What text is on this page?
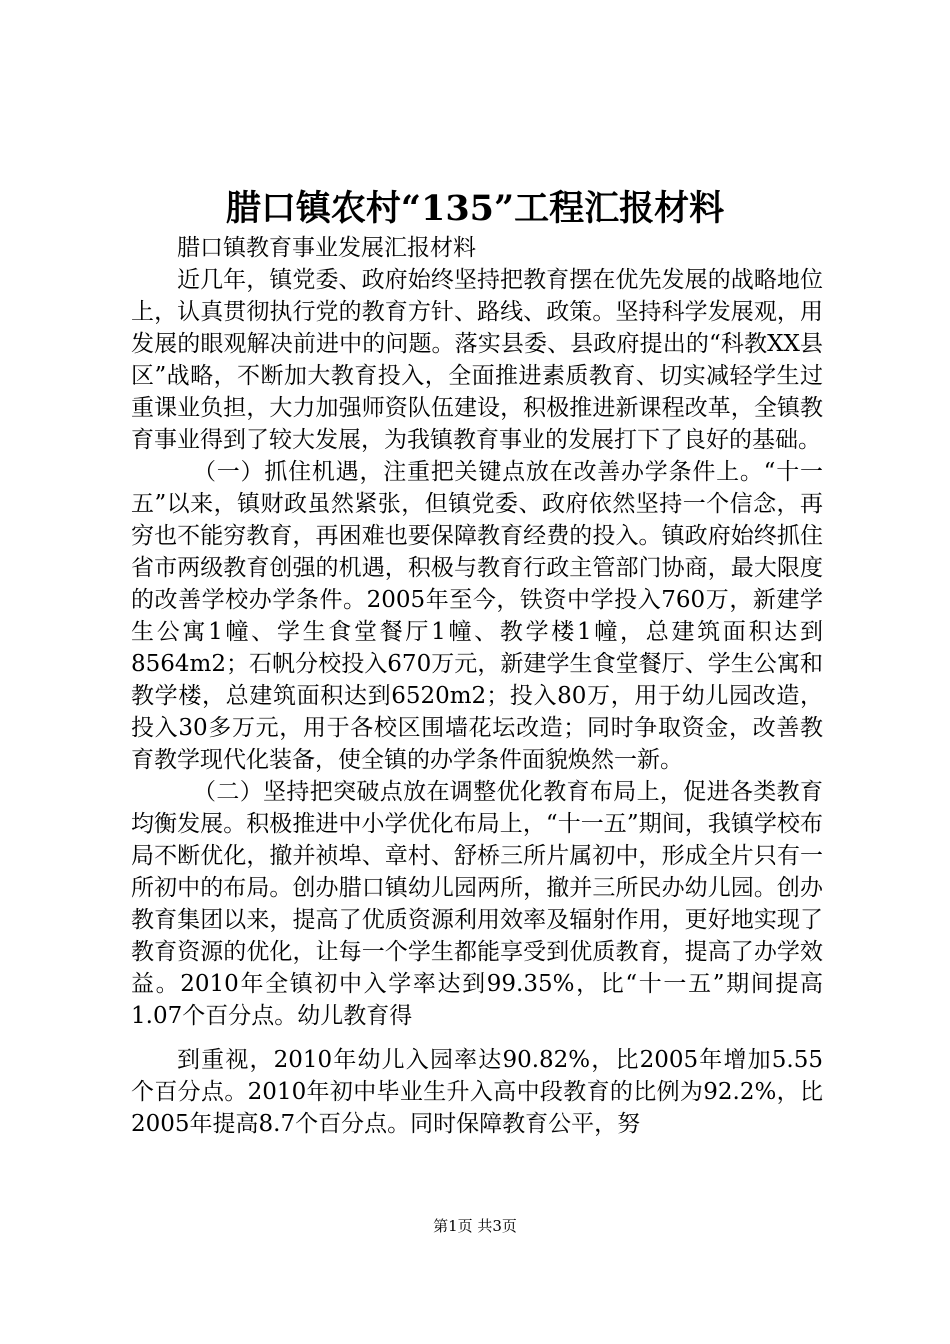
腊口镇农村“135”工程汇报材料

腊口镇教育事业发展汇报材料

近几年，镇党委、政府始终坚持把教育摆在优先发展的战略地位上，认真贯彻执行党的教育方针、路线、政策。坚持科学发展观，用发展的眼观解决前进中的问题。落实县委、县政府提出的“科教XX县区”战略，不断加大教育投入，全面推进素质教育、切实减轻学生过重课业负担，大力加强师资队伍建设，积极推进新课程改革，全镇教育事业得到了较大发展，为我镇教育事业的发展打下了良好的基础。

（一）抓住机遇，注重把关键点放在改善办学条件上。“十一五”以来，镇财政虽然紧张，但镇党委、政府依然坚持一个信念，再穷也不能穷教育，再困难也要保障教育经费的投入。镇政府始终抓住省市两级教育创强的机遇，积极与教育行政主管部门协商，最大限度的改善学校办学条件。2005年至今，铁资中学投入760万，新建学生公寓1幢、学生食堂餐厅1幢、教学楼1幢，总建筑面积达到8564m2；石帆分校投入670万元，新建学生食堂餐厅、学生公寓和教学楼，总建筑面积达到6520m2；投入80万，用于幼儿园改造，投入30多万元，用于各校区围墙花坛改造；同时争取资金，改善教育教学现代化装备，使全镇的办学条件面貌焕然一新。

（二）坚持把突破点放在调整优化教育布局上，促进各类教育均衡发展。积极推进中小学优化布局上，“十一五”期间，我镇学校布局不断优化，撤并祯埠、章村、舒桥三所片属初中，形成全片只有一所初中的布局。创办腊口镇幼儿园两所，撤并三所民办幼儿园。创办教育集团以来，提高了优质资源利用效率及辐射作用，更好地实现了教育资源的优化，让每一个学生都能享受到优质教育，提高了办学效益。2010年全镇初中入学率达到99.35%，比“十一五”期间提高1.07个百分点。幼儿教育得

到重视，2010年幼儿入园率达90.82%，比2005年增加5.55个百分点。2010年初中毕业生升入高中段教育的比例为92.2%，比2005年提高8.7个百分点。同时保障教育公平，努

第1页 共3页
